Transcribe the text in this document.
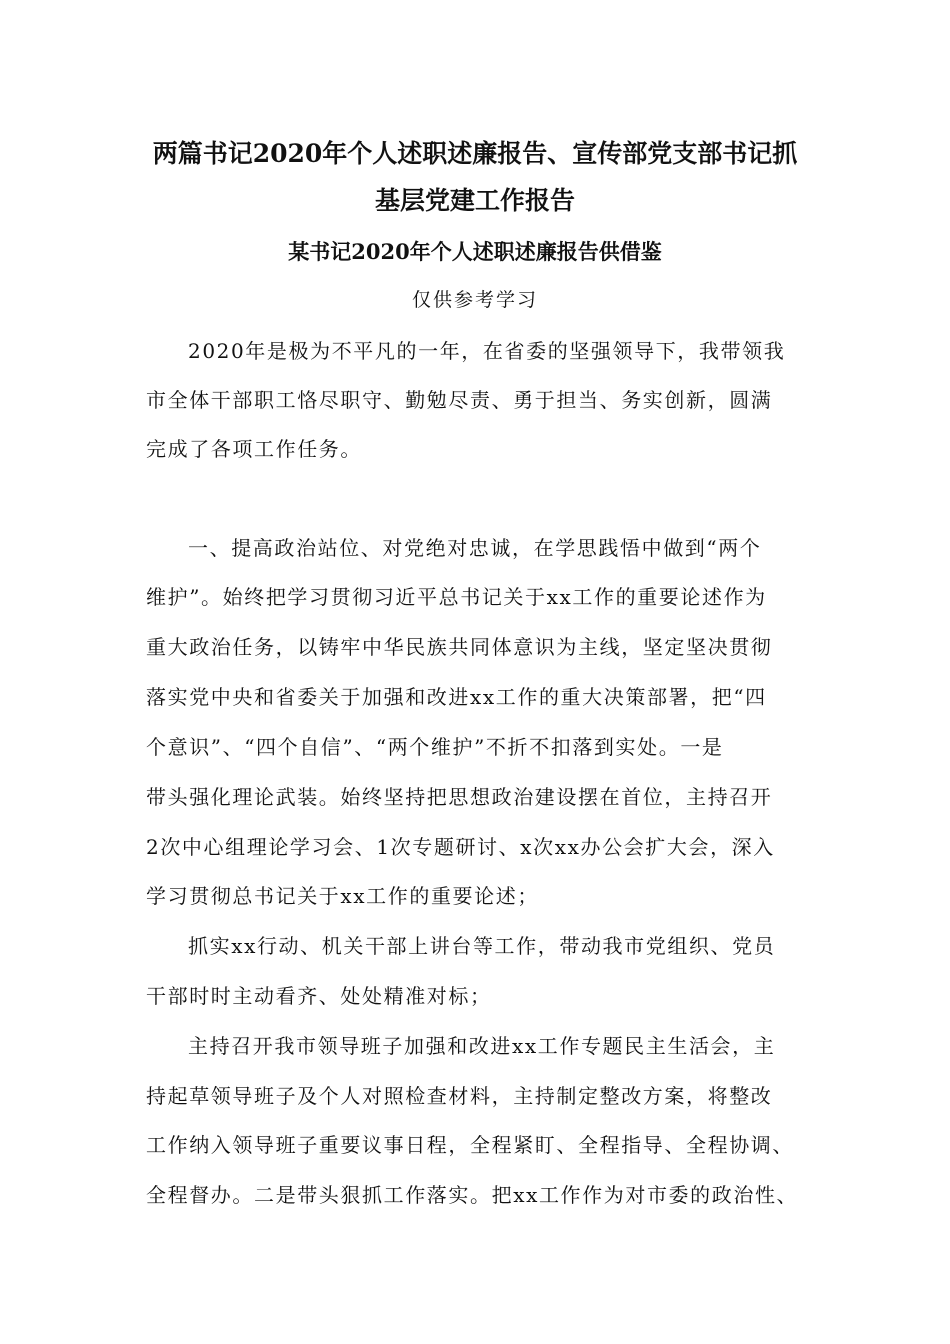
两篇书记2020年个人述职述廉报告、宣传部党支部书记抓
基层党建工作报告
某书记2020年个人述职述廉报告供借鉴
仅供参考学习
2020年是极为不平凡的一年，在省委的坚强领导下，我带领我
市全体干部职工恪尽职守、勤勉尽责、勇于担当、务实创新，圆满
完成了各项工作任务。
一、提高政治站位、对党绝对忠诚，在学思践悟中做到“两个
维护”。始终把学习贯彻习近平总书记关于xx工作的重要论述作为
重大政治任务，以铸牢中华民族共同体意识为主线，坚定坚决贯彻
落实党中央和省委关于加强和改进xx工作的重大决策部署，把“四
个意识”、“四个自信”、“两个维护”不折不扣落到实处。一是
带头强化理论武装。始终坚持把思想政治建设摆在首位，主持召开
2次中心组理论学习会、1次专题研讨、x次xx办公会扩大会，深入
学习贯彻总书记关于xx工作的重要论述；
抓实xx行动、机关干部上讲台等工作，带动我市党组织、党员
干部时时主动看齐、处处精准对标；
主持召开我市领导班子加强和改进xx工作专题民主生活会，主
持起草领导班子及个人对照检查材料，主持制定整改方案，将整改
工作纳入领导班子重要议事日程，全程紧盯、全程指导、全程协调、
全程督办。二是带头狠抓工作落实。把xx工作作为对市委的政治性、
